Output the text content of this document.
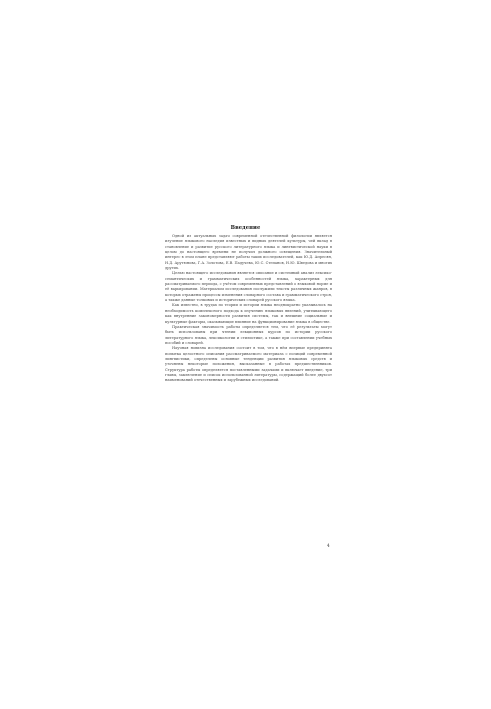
Введение

Одной из актуальных задач современной отечественной филологии является изучение языкового наследия известных и видных деятелей культуры, чей вклад в становление и развитие русского литературного языка и лингвистической науки в целом до настоящего времени не получил должного освещения. Значительный интерес в этом плане представляют работы таких исследователей, как Ю.Д. Апресян, Н.Д. Арутюнова, Г.А. Золотова, Е.В. Падучева, Ю.С. Степанов, Н.Ю. Шведова и многих других.

Целью настоящего исследования является описание и системный анализ лексико-семантических и грамматических особенностей языка, характерных для рассматриваемого периода, с учётом современных представлений о языковой норме и её варьировании. Материалом исследования послужили тексты различных жанров, в которых отражены процессы изменения словарного состава и грамматического строя, а также данные толковых и исторических словарей русского языка.

Как известно, в трудах по теории и истории языка неоднократно указывалось на необходимость комплексного подхода к изучению языковых явлений, учитывающего как внутренние закономерности развития системы, так и внешние социальные и культурные факторы, оказывающие влияние на функционирование языка в обществе.

Практическая значимость работы определяется тем, что её результаты могут быть использованы при чтении лекционных курсов по истории русского литературного языка, лексикологии и стилистике, а также при составлении учебных пособий и словарей.

Научная новизна исследования состоит в том, что в нём впервые предпринята попытка целостного описания рассматриваемого материала с позиций современной лингвистики, определены основные тенденции развития языковых средств и уточнены некоторые положения, высказанные в работах предшественников. Структура работы определяется поставленными задачами и включает введение, три главы, заключение и список использованной литературы, содержащий более двухсот наименований отечественных и зарубежных исследований.

4
